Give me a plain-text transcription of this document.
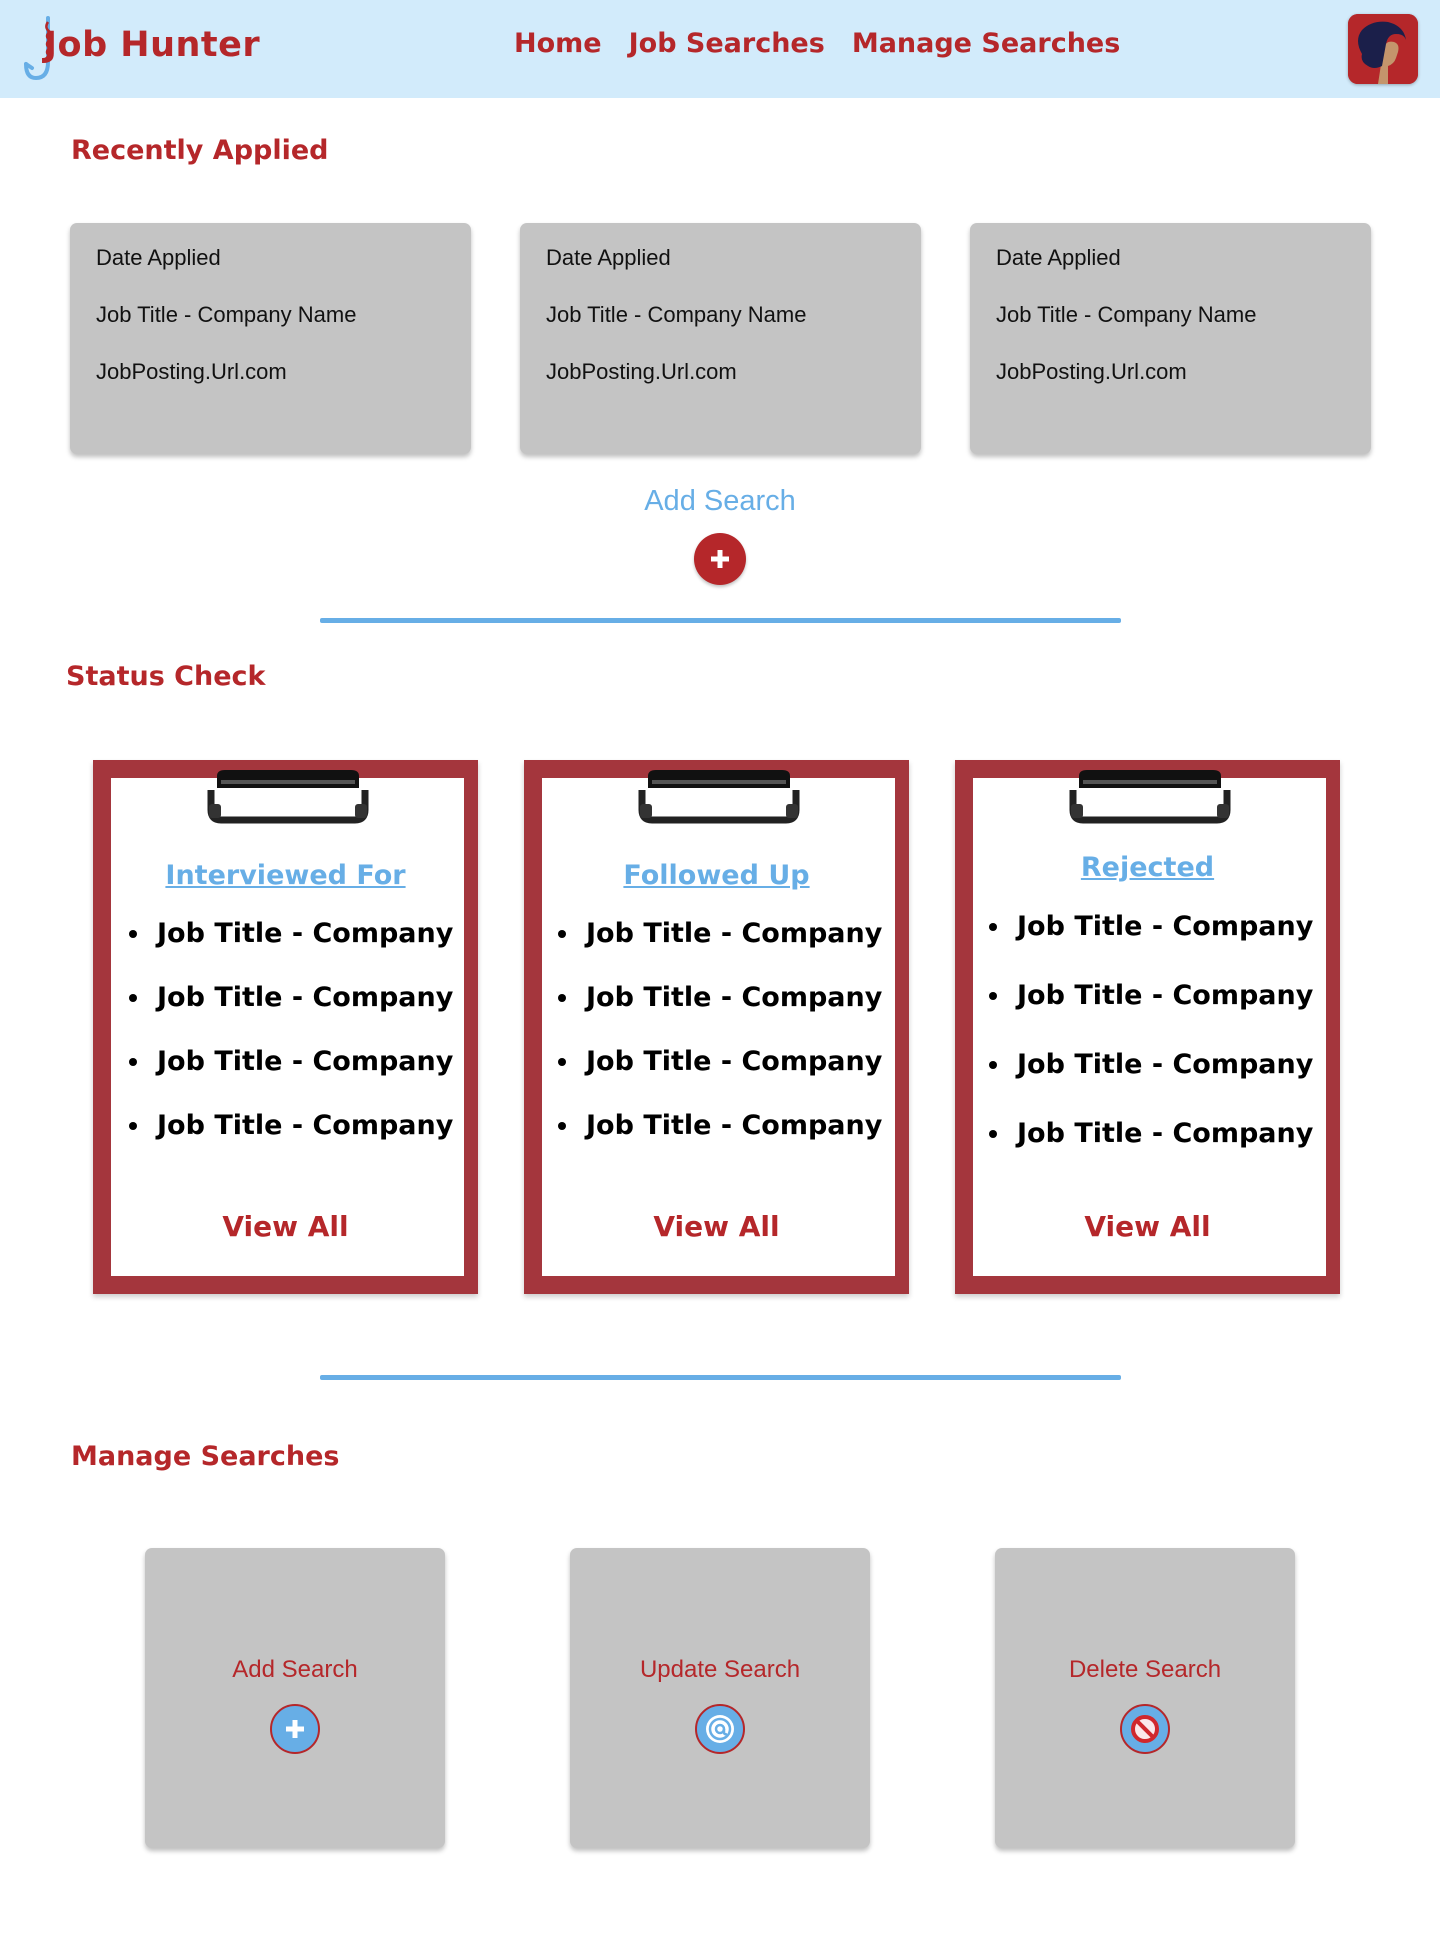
Job Hunter	Home Job Searches Manage Searches
Recently Applied

Date Applied

Job Title - Company Name

JobPosting.Url.com

Date Applied

Job Title - Company Name

JobPosting.Url.com

Date Applied

Job Title - Company Name

JobPosting.Url.com

Add Search
Status Check
Interviewed For
Job Title - Company
Job Title - Company
Job Title - Company
Job Title - Company
View All
Followed Up
Job Title - Company
Job Title - Company
Job Title - Company
Job Title - Company
View All
Rejected
Job Title - Company
Job Title - Company
Job Title - Company
Job Title - Company
View All
Manage Searches
Add Search	Update Search	Delete Search
